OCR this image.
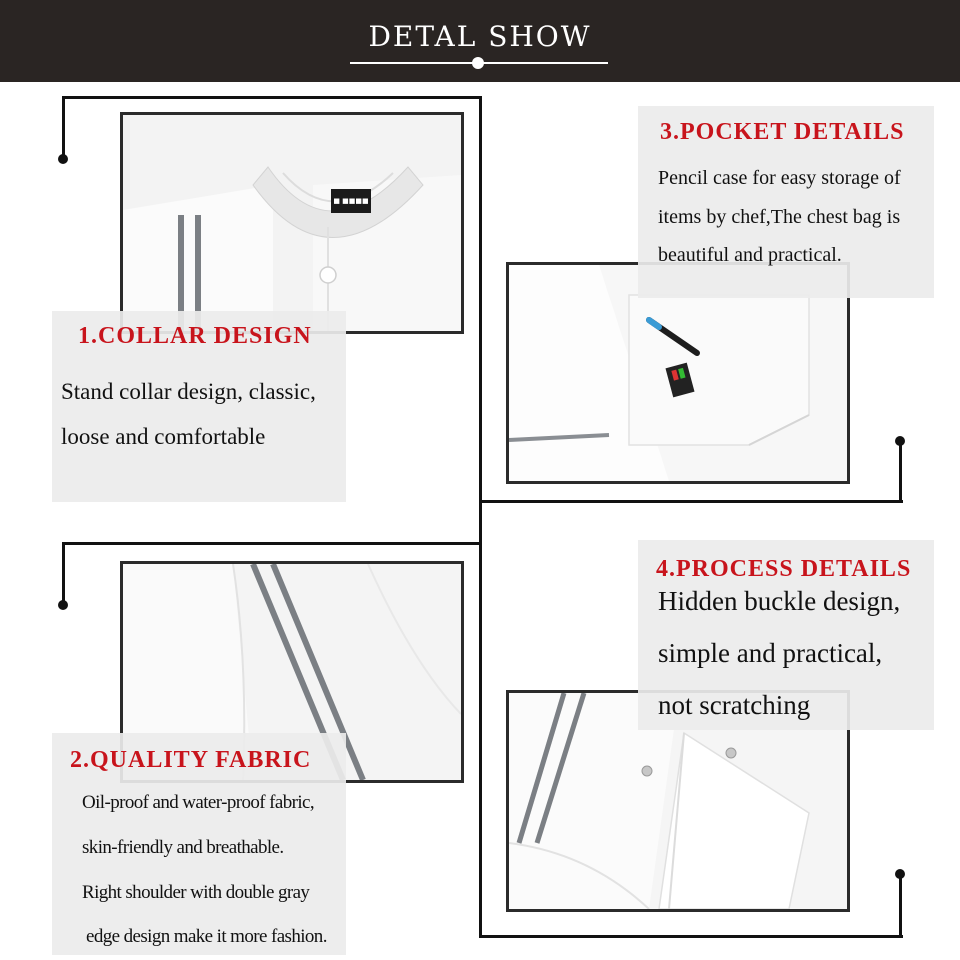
DETAL SHOW
■ ■■■■
1.COLLAR DESIGN
Stand collar design, classic,
loose and comfortable
3.POCKET DETAILS
Pencil case for easy storage of
items by chef,The chest bag is
beautiful and practical.
2.QUALITY FABRIC
Oil-proof and water-proof fabric,
skin-friendly and breathable.
Right shoulder with double gray
edge design make it more fashion.
4.PROCESS DETAILS
Hidden buckle design,
simple and practical,
not scratching
